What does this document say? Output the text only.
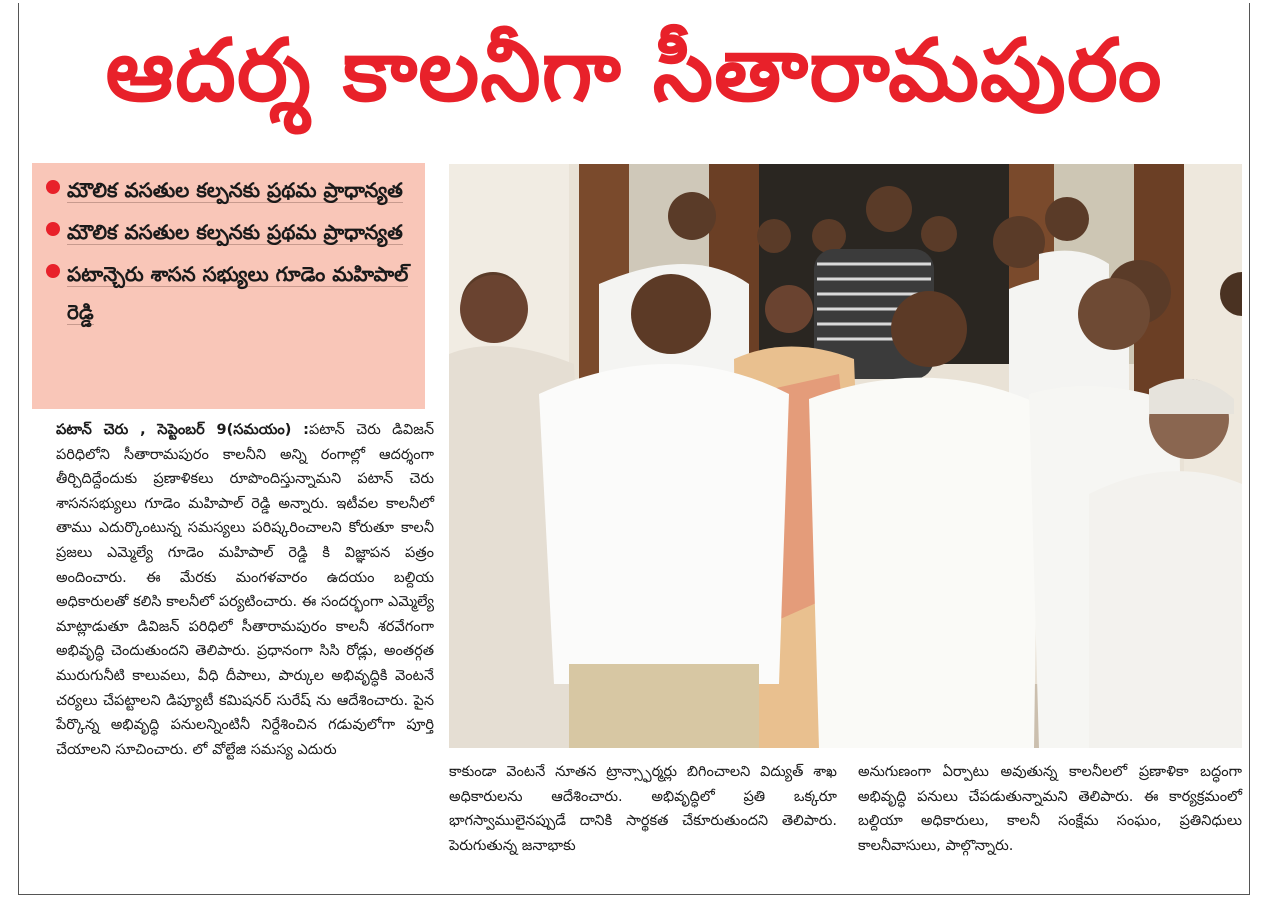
ఆదర్శ కాలనీగా సీతారామపురం
మౌలిక వసతుల కల్పనకు ప్రథమ ప్రాధాన్యత
మౌలిక వసతుల కల్పనకు ప్రథమ ప్రాధాన్యత
పటాన్చెరు శాసన సభ్యులు గూడెం మహిపాల్ రెడ్డి
పటాన్ చెరు , సెప్టెంబర్ 9(సమయం) :పటాన్ చెరు డివిజన్ పరిధిలోని సీతారామపురం కాలనీని అన్ని రంగాల్లో ఆదర్శంగా తీర్చిదిద్దేందుకు ప్రణాళికలు రూపొందిస్తున్నామని పటాన్ చెరు శాసనసభ్యులు గూడెం మహిపాల్ రెడ్డి అన్నారు. ఇటీవల కాలనీలో తాము ఎదుర్కొంటున్న సమస్యలు పరిష్కరించాలని కోరుతూ కాలనీ ప్రజలు ఎమ్మెల్యే గూడెం మహిపాల్ రెడ్డి కి విజ్ఞాపన పత్రం అందించారు. ఈ మేరకు మంగళవారం ఉదయం బల్దియ అధికారులతో కలిసి కాలనీలో పర్యటించారు. ఈ సందర్భంగా ఎమ్మెల్యే మాట్లాడుతూ డివిజన్ పరిధిలో సీతారామపురం కాలనీ శరవేగంగా అభివృద్ధి చెందుతుందని తెలిపారు. ప్రధానంగా సిసి రోడ్లు, అంతర్గత మురుగునీటి కాలువలు, వీధి దీపాలు, పార్కుల అభివృద్ధికి వెంటనే చర్యలు చేపట్టాలని డిప్యూటీ కమిషనర్ సురేష్ ను ఆదేశించారు. పైన పేర్కొన్న అభివృద్ధి పనులన్నింటినీ నిర్దేశించిన గడువులోగా పూర్తి చేయాలని సూచించారు. లో వోల్టేజి సమస్య ఎదురు
కాకుండా వెంటనే నూతన ట్రాన్స్ఫార్మర్లు బిగించాలని విద్యుత్ శాఖ అధికారులను ఆదేశించారు. అభివృద్ధిలో ప్రతి ఒక్కరూ భాగస్వాములైనప్పుడే దానికి సార్థకత చేకూరుతుందని తెలిపారు. పెరుగుతున్న జనాభాకు
అనుగుణంగా ఏర్పాటు అవుతున్న కాలనీలలో ప్రణాళికా బద్ధంగా అభివృద్ధి పనులు చేపడుతున్నామని తెలిపారు. ఈ కార్యక్రమంలో బల్దియా అధికారులు, కాలనీ సంక్షేమ సంఘం, ప్రతినిధులు కాలనీవాసులు, పాల్గొన్నారు.
